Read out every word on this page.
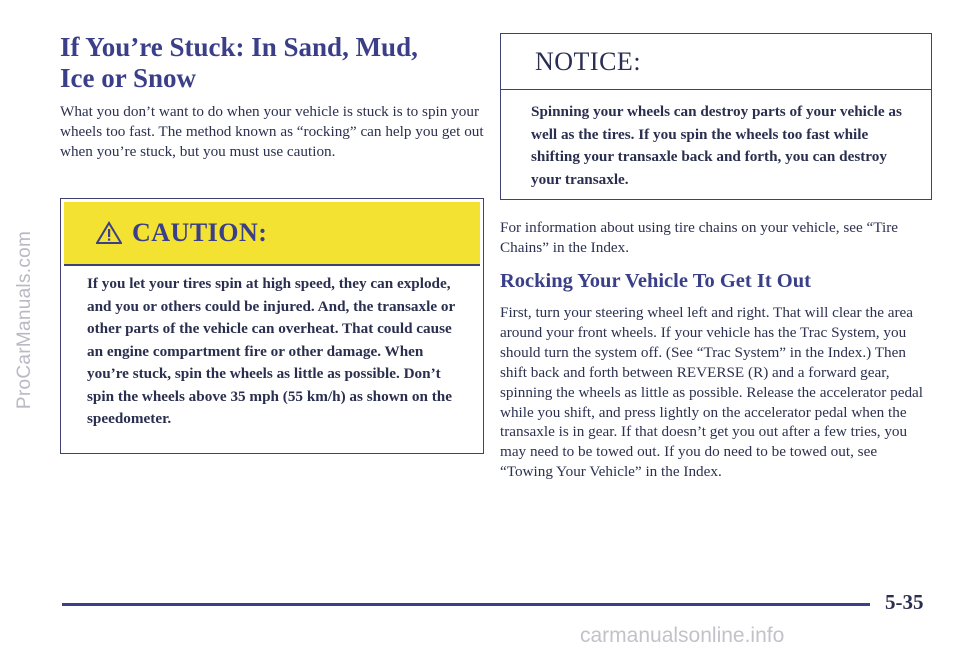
ProCarManuals.com
If You’re Stuck: In Sand, Mud,
Ice or Snow

What you don’t want to do when your vehicle is stuck is to spin your wheels too fast. The method known as “rocking” can help you get out when you’re stuck, but you must use caution.

CAUTION:

If you let your tires spin at high speed, they can explode, and you or others could be injured. And, the transaxle or other parts of the vehicle can overheat. That could cause an engine compartment fire or other damage. When you’re stuck, spin the wheels as little as possible. Don’t spin the wheels above 35 mph (55 km/h) as shown on the speedometer.

NOTICE:

Spinning your wheels can destroy parts of your vehicle as well as the tires. If you spin the wheels too fast while shifting your transaxle back and forth, you can destroy your transaxle.

For information about using tire chains on your vehicle, see “Tire Chains” in the Index.

Rocking Your Vehicle To Get It Out

First, turn your steering wheel left and right. That will clear the area around your front wheels. If your vehicle has the Trac System, you should turn the system off. (See “Trac System” in the Index.) Then shift back and forth between REVERSE (R) and a forward gear, spinning the wheels as little as possible. Release the accelerator pedal while you shift, and press lightly on the accelerator pedal when the transaxle is in gear. If that doesn’t get you out after a few tries, you may need to be towed out. If you do need to be towed out, see “Towing Your Vehicle” in the Index.

5-35
carmanualsonline.info
